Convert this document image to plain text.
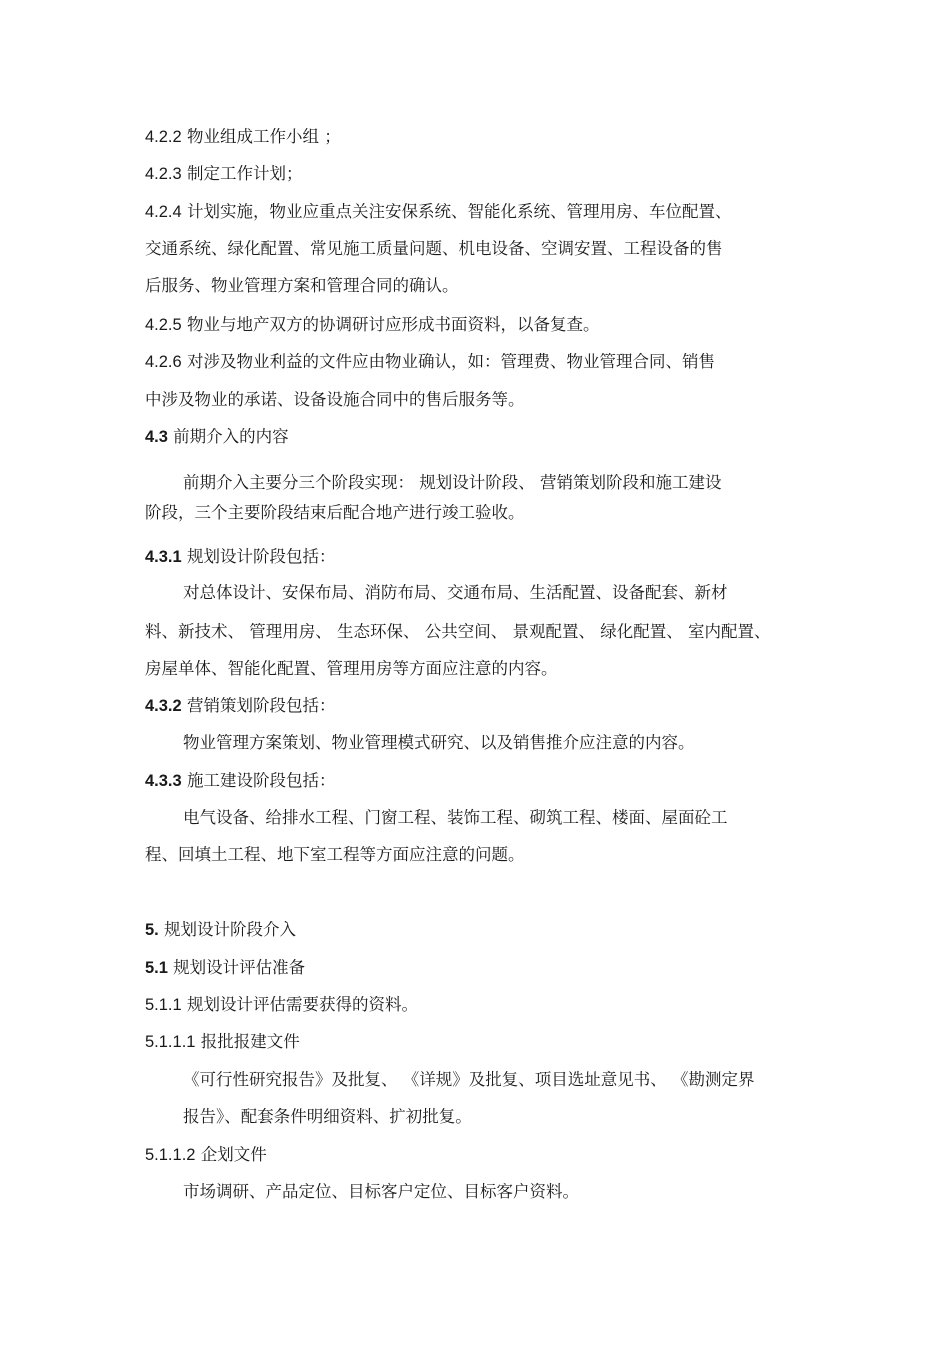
4.2.2 物业组成工作小组 ；
4.2.3 制定工作计划；
4.2.4 计划实施，物业应重点关注安保系统、智能化系统、管理用房、车位配置、
交通系统、绿化配置、常见施工质量问题、机电设备、空调安置、工程设备的售
后服务、物业管理方案和管理合同的确认。
4.2.5 物业与地产双方的协调研讨应形成书面资料，以备复查。
4.2.6 对涉及物业利益的文件应由物业确认，如：管理费、物业管理合同、销售
中涉及物业的承诺、设备设施合同中的售后服务等。
4.3 前期介入的内容
前期介入主要分三个阶段实现： 规划设计阶段、 营销策划阶段和施工建设
阶段，三个主要阶段结束后配合地产进行竣工验收。
4.3.1 规划设计阶段包括：
对总体设计、安保布局、消防布局、交通布局、生活配置、设备配套、新材
料、新技术、 管理用房、 生态环保、 公共空间、 景观配置、 绿化配置、 室内配置、
房屋单体、智能化配置、管理用房等方面应注意的内容。
4.3.2 营销策划阶段包括：
物业管理方案策划、物业管理模式研究、以及销售推介应注意的内容。
4.3.3 施工建设阶段包括：
电气设备、给排水工程、门窗工程、装饰工程、砌筑工程、楼面、屋面砼工
程、回填土工程、地下室工程等方面应注意的问题。
5. 规划设计阶段介入
5.1 规划设计评估准备
5.1.1 规划设计评估需要获得的资料。
5.1.1.1 报批报建文件
《可行性研究报告》及批复、 《详规》及批复、项目选址意见书、 《勘测定界
报告》、配套条件明细资料、扩初批复。
5.1.1.2 企划文件
市场调研、产品定位、目标客户定位、目标客户资料。
